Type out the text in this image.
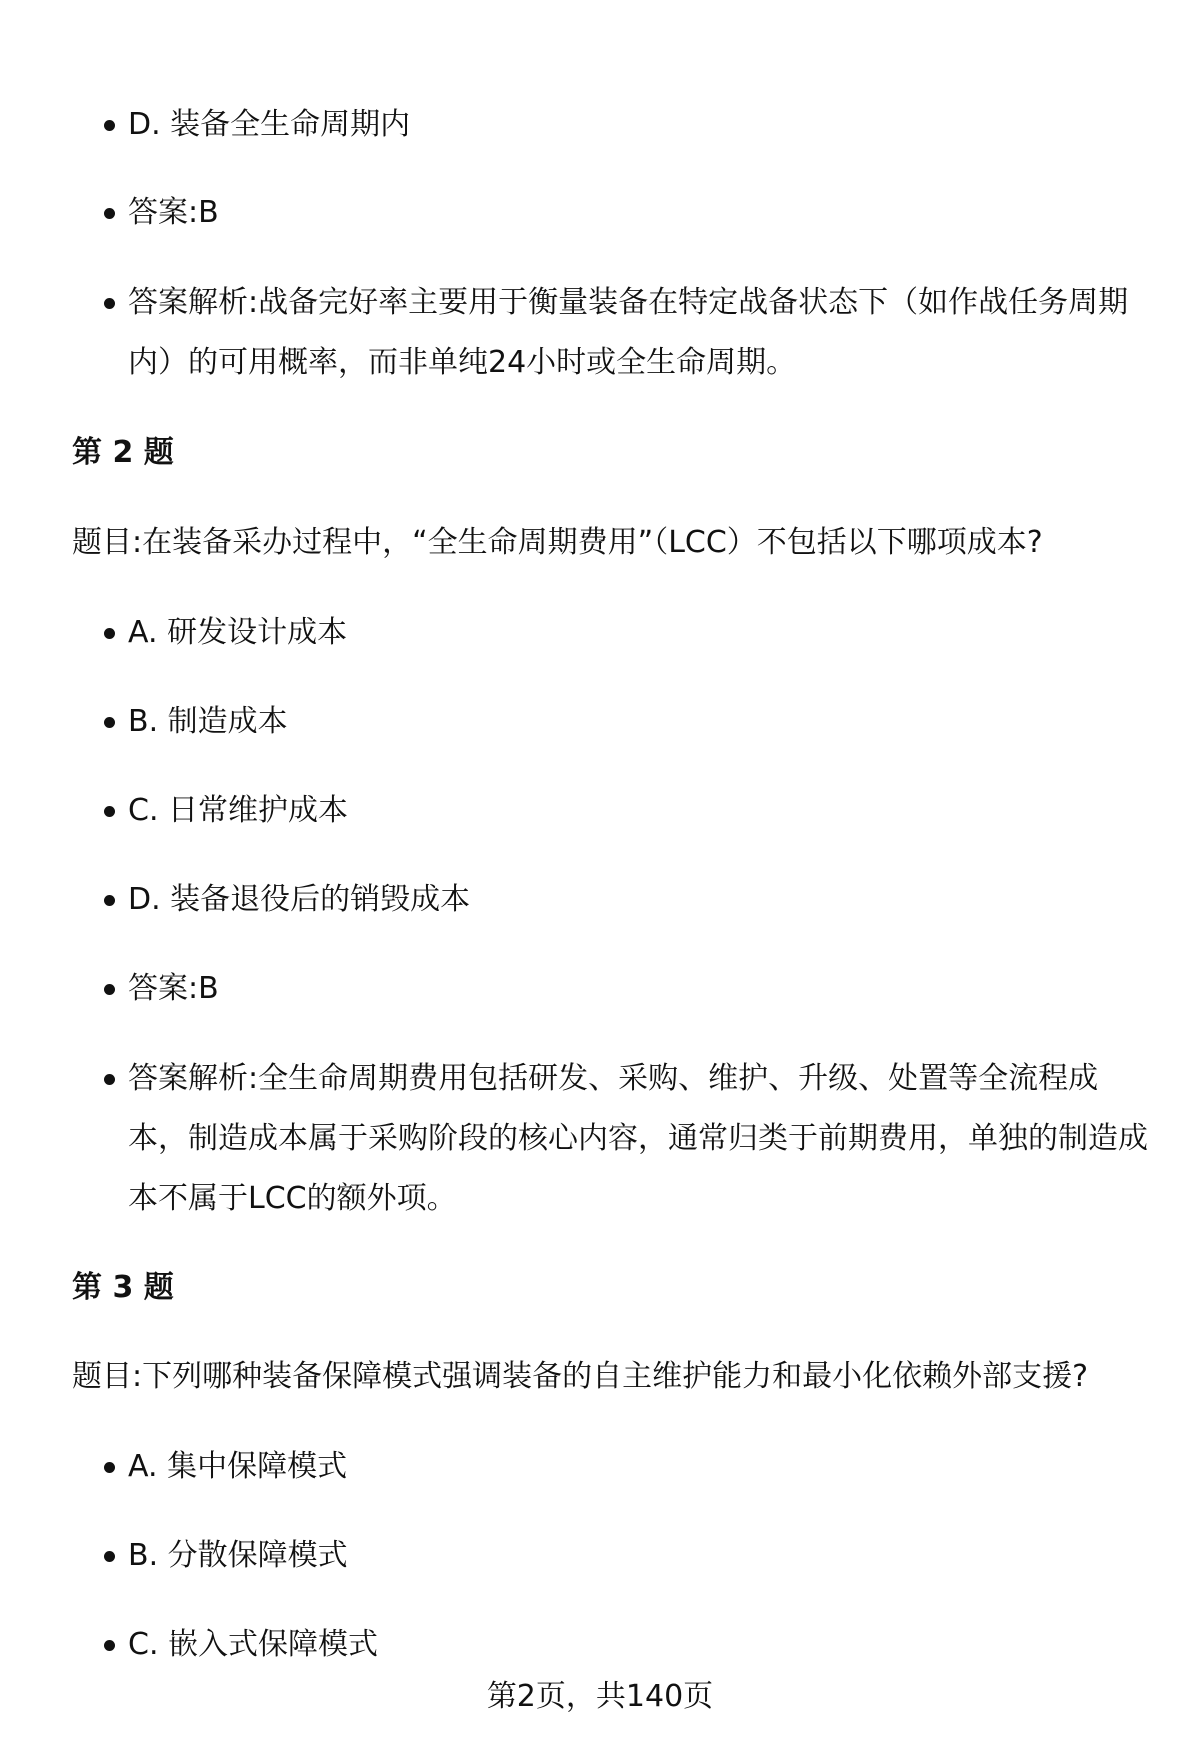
D. 装备全生命周期内
答案:B
答案解析:战备完好率主要用于衡量装备在特定战备状态下（如作战任务周期内）的可用概率，而非单纯24小时或全生命周期。
第 2 题
题目:在装备采办过程中，“全生命周期费用”（LCC）不包括以下哪项成本?
A. 研发设计成本
B. 制造成本
C. 日常维护成本
D. 装备退役后的销毁成本
答案:B
答案解析:全生命周期费用包括研发、采购、维护、升级、处置等全流程成本，制造成本属于采购阶段的核心内容，通常归类于前期费用，单独的制造成本不属于LCC的额外项。
第 3 题
题目:下列哪种装备保障模式强调装备的自主维护能力和最小化依赖外部支援?
A. 集中保障模式
B. 分散保障模式
C. 嵌入式保障模式
第2页，共140页
